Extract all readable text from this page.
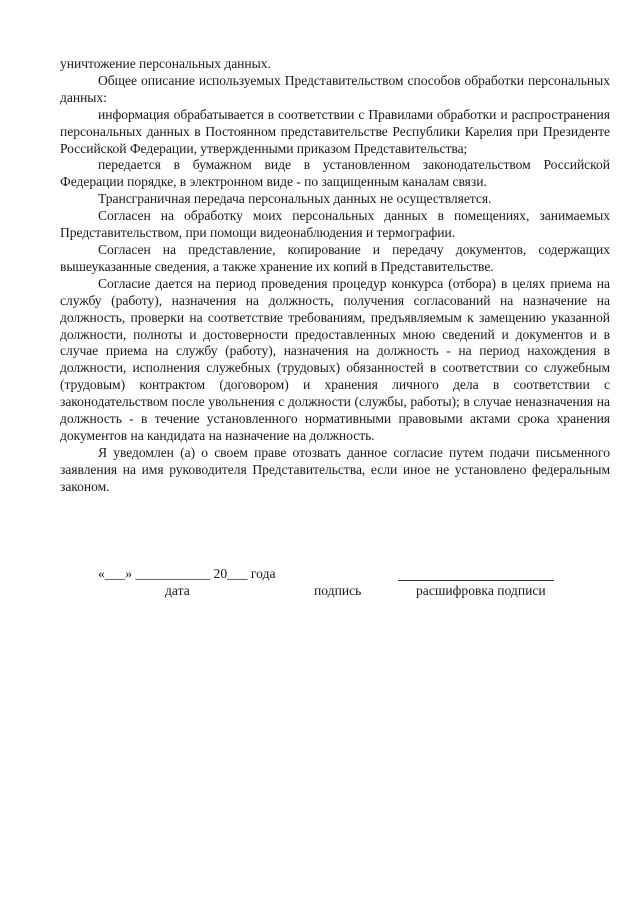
уничтожение персональных данных.

Общее описание используемых Представительством способов обработки персональных данных:

информация обрабатывается в соответствии с Правилами обработки и распространения персональных данных в Постоянном представительстве Республики Карелия при Президенте Российской Федерации, утвержденными приказом Представительства;

передается в бумажном виде в установленном законодательством Российской Федерации порядке, в электронном виде - по защищенным каналам связи.

Трансграничная передача персональных данных не осуществляется.

Согласен на обработку моих персональных данных в помещениях, занимаемых Представительством, при помощи видеонаблюдения и термографии.

Согласен на представление, копирование и передачу документов, содержащих вышеуказанные сведения, а также хранение их копий в Представительстве.

Согласие дается на период проведения процедур конкурса (отбора) в целях приема на службу (работу), назначения на должность, получения согласований на назначение на должность, проверки на соответствие требованиям, предъявляемым к замещению указанной должности, полноты и достоверности предоставленных мною сведений и документов и в случае приема на службу (работу), назначения на должность - на период нахождения в должности, исполнения служебных (трудовых) обязанностей в соответствии со служебным (трудовым) контрактом (договором) и хранения личного дела в соответствии с законодательством после увольнения с должности (службы, работы); в случае неназначения на должность - в течение установленного нормативными правовыми актами срока хранения документов на кандидата на назначение на должность.

Я уведомлен (а) о своем праве отозвать данное согласие путем подачи письменного заявления на имя руководителя Представительства, если иное не установлено федеральным законом.

«___» ___________ 20___ года
дата	подпись	расшифровка подписи
